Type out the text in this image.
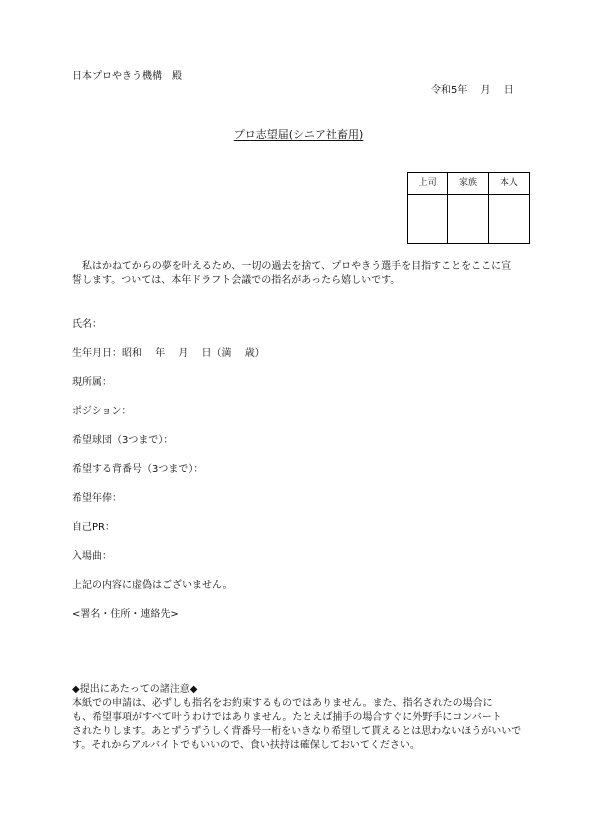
日本プロやきう機構　殿
令和5年　 月　 日
プロ志望届(シニア社畜用)
上司	家族	本人

　私はかねてからの夢を叶えるため、一切の過去を捨て、プロやきう選手を目指すことをここに宣

誓します。ついては、本年ドラフト会議での指名があったら嬉しいです。

氏名：
生年月日：昭和　 年　 月　 日（満　 歳）
現所属：
ポジション：
希望球団（3つまで）：
希望する背番号（3つまで）：
希望年俸：
自己PR：
入場曲：
上記の内容に虚偽はございません。
<署名・住所・連絡先>
◆提出にあたっての諸注意◆

本紙での申請は、必ずしも指名をお約束するものではありません。また、指名されたの場合に

も、希望事項がすべて叶うわけではありません。たとえば捕手の場合すぐに外野手にコンバート

されたりします。あとずうずうしく背番号一桁をいきなり希望して貰えるとは思わないほうがいいで

す。それからアルバイトでもいいので、食い扶持は確保しておいてください。
